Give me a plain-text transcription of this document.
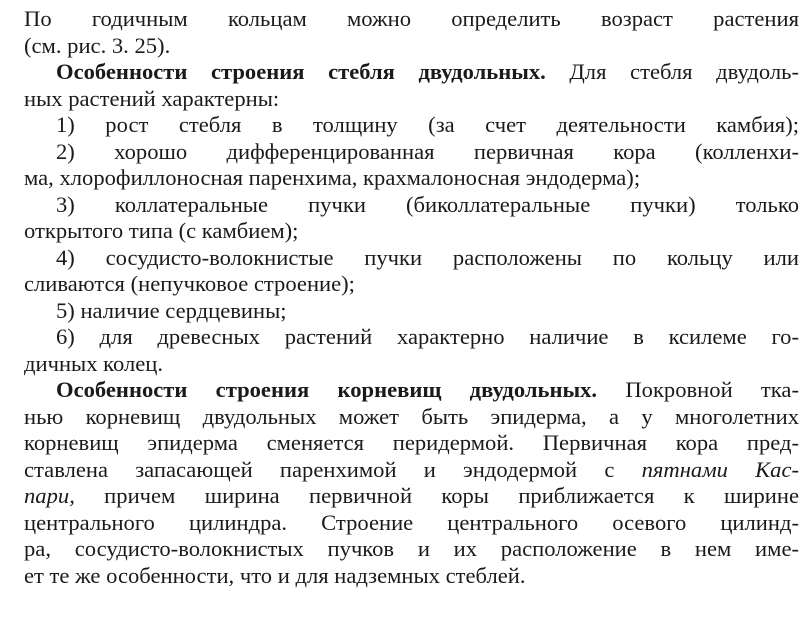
По годичным кольцам можно определить возраст растения
(см. рис. 3. 25).
Особенности строения стебля двудольных. Для стебля двудоль-
ных растений характерны:
1) рост стебля в толщину (за счет деятельности камбия);
2) хорошо дифференцированная первичная кора (колленхи-
ма, хлорофиллоносная паренхима, крахмалоносная эндодерма);
3) коллатеральные пучки (биколлатеральные пучки) только
открытого типа (с камбием);
4) сосудисто-волокнистые пучки расположены по кольцу или
сливаются (непучковое строение);
5) наличие сердцевины;
6) для древесных растений характерно наличие в ксилеме го-
дичных колец.
Особенности строения корневищ двудольных. Покровной тка-
нью корневищ двудольных может быть эпидерма, а у многолетних
корневищ эпидерма сменяется перидермой. Первичная кора пред-
ставлена запасающей паренхимой и эндодермой с пятнами Кас-
пари, причем ширина первичной коры приближается к ширине
центрального цилиндра. Строение центрального осевого цилинд-
ра, сосудисто-волокнистых пучков и их расположение в нем име-
ет те же особенности, что и для надземных стеблей.
